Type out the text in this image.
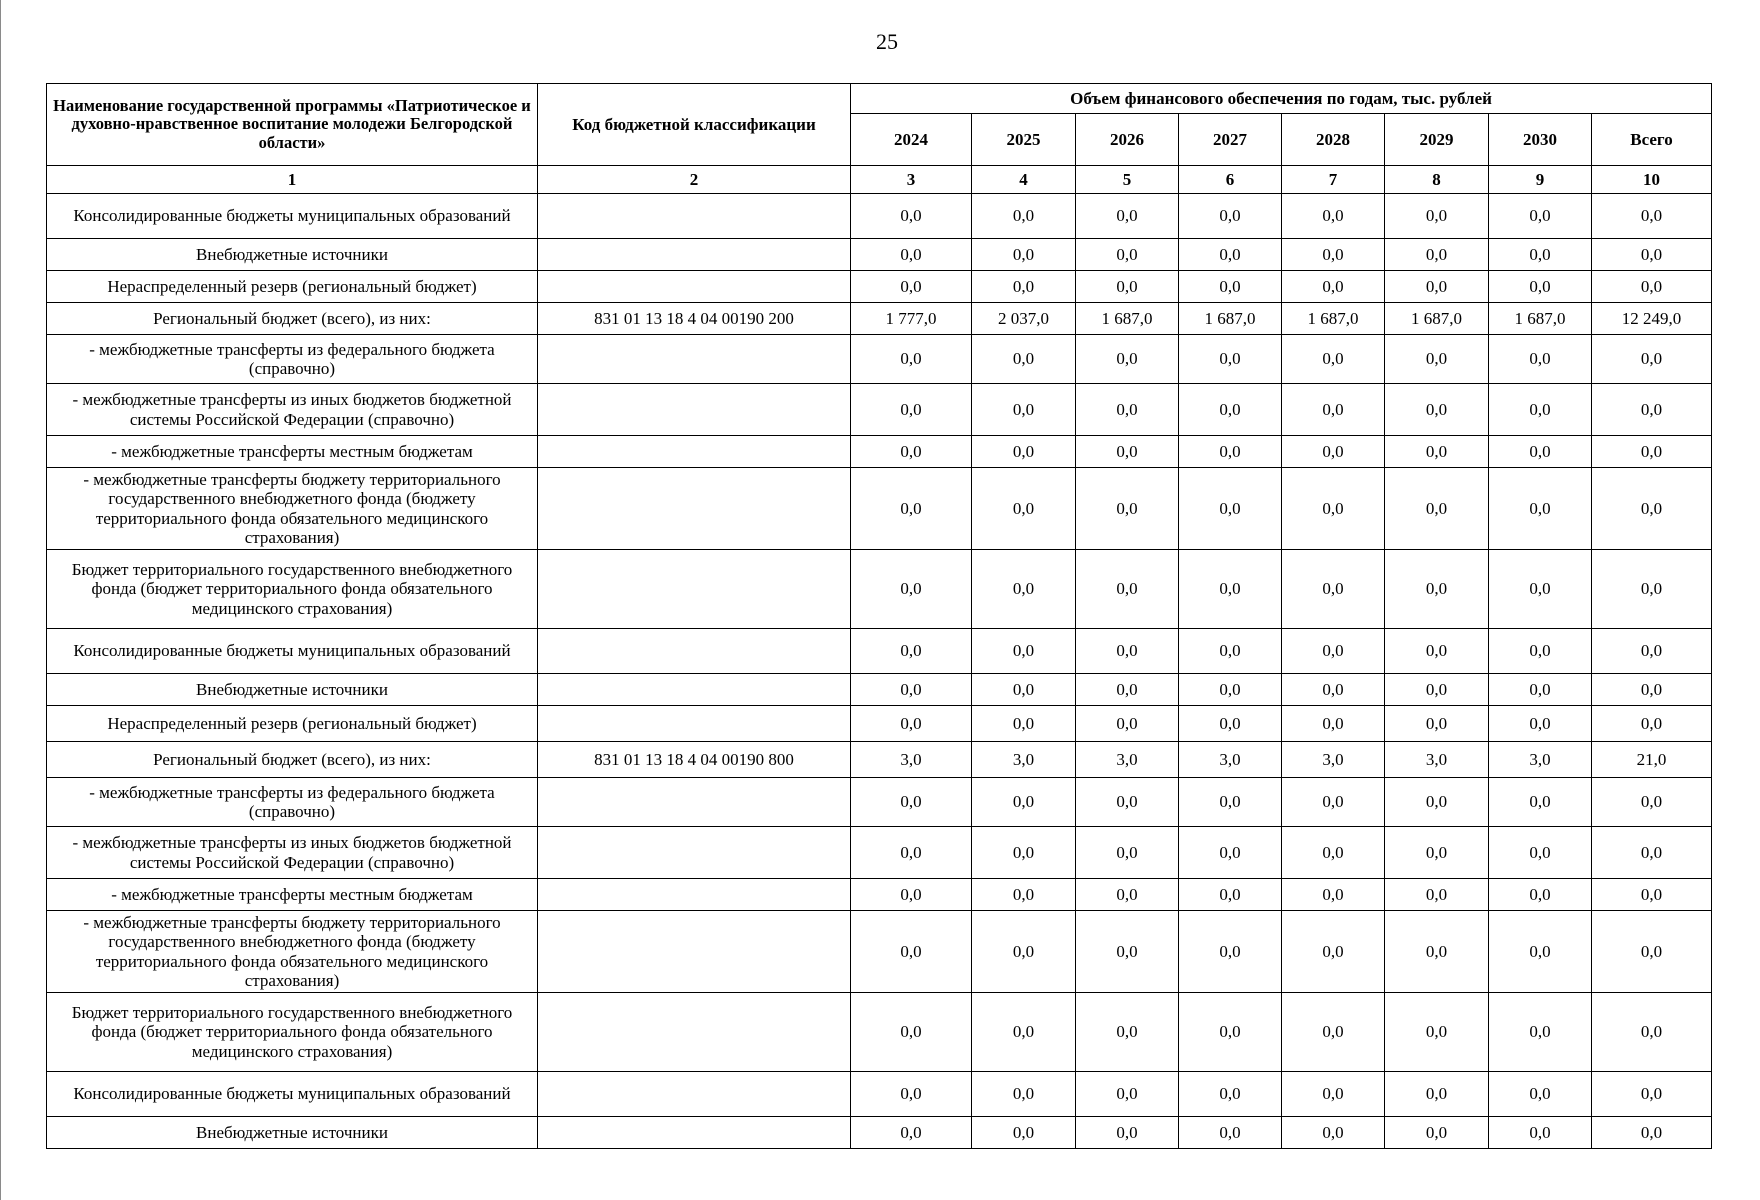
25
Наименование государственной программы «Патриотическое и духовно-нравственное воспитание молодежи Белгородской области»	Код бюджетной классификации	Объем финансового обеспечения по годам, тыс. рублей							
		2024	2025	2026	2027	2028	2029	2030	Всего
1	2	3	4	5	6	7	8	9	10
Консолидированные бюджеты муниципальных образований		0,0	0,0	0,0	0,0	0,0	0,0	0,0	0,0
Внебюджетные источники		0,0	0,0	0,0	0,0	0,0	0,0	0,0	0,0
Нераспределенный резерв (региональный бюджет)		0,0	0,0	0,0	0,0	0,0	0,0	0,0	0,0
Региональный бюджет (всего), из них:	831 01 13 18 4 04 00190 200	1 777,0	2 037,0	1 687,0	1 687,0	1 687,0	1 687,0	1 687,0	12 249,0
- межбюджетные трансферты из федерального бюджета (справочно)		0,0	0,0	0,0	0,0	0,0	0,0	0,0	0,0
- межбюджетные трансферты из иных бюджетов бюджетной системы Российской Федерации (справочно)		0,0	0,0	0,0	0,0	0,0	0,0	0,0	0,0
- межбюджетные трансферты местным бюджетам		0,0	0,0	0,0	0,0	0,0	0,0	0,0	0,0
- межбюджетные трансферты бюджету территориального государственного внебюджетного фонда (бюджету территориального фонда обязательного медицинского страхования)		0,0	0,0	0,0	0,0	0,0	0,0	0,0	0,0
Бюджет территориального государственного внебюджетного фонда (бюджет территориального фонда обязательного медицинского страхования)		0,0	0,0	0,0	0,0	0,0	0,0	0,0	0,0
Консолидированные бюджеты муниципальных образований		0,0	0,0	0,0	0,0	0,0	0,0	0,0	0,0
Внебюджетные источники		0,0	0,0	0,0	0,0	0,0	0,0	0,0	0,0
Нераспределенный резерв (региональный бюджет)		0,0	0,0	0,0	0,0	0,0	0,0	0,0	0,0
Региональный бюджет (всего), из них:	831 01 13 18 4 04 00190 800	3,0	3,0	3,0	3,0	3,0	3,0	3,0	21,0
- межбюджетные трансферты из федерального бюджета (справочно)		0,0	0,0	0,0	0,0	0,0	0,0	0,0	0,0
- межбюджетные трансферты из иных бюджетов бюджетной системы Российской Федерации (справочно)		0,0	0,0	0,0	0,0	0,0	0,0	0,0	0,0
- межбюджетные трансферты местным бюджетам		0,0	0,0	0,0	0,0	0,0	0,0	0,0	0,0
- межбюджетные трансферты бюджету территориального государственного внебюджетного фонда (бюджету территориального фонда обязательного медицинского страхования)		0,0	0,0	0,0	0,0	0,0	0,0	0,0	0,0
Бюджет территориального государственного внебюджетного фонда (бюджет территориального фонда обязательного медицинского страхования)		0,0	0,0	0,0	0,0	0,0	0,0	0,0	0,0
Консолидированные бюджеты муниципальных образований		0,0	0,0	0,0	0,0	0,0	0,0	0,0	0,0
Внебюджетные источники		0,0	0,0	0,0	0,0	0,0	0,0	0,0	0,0
